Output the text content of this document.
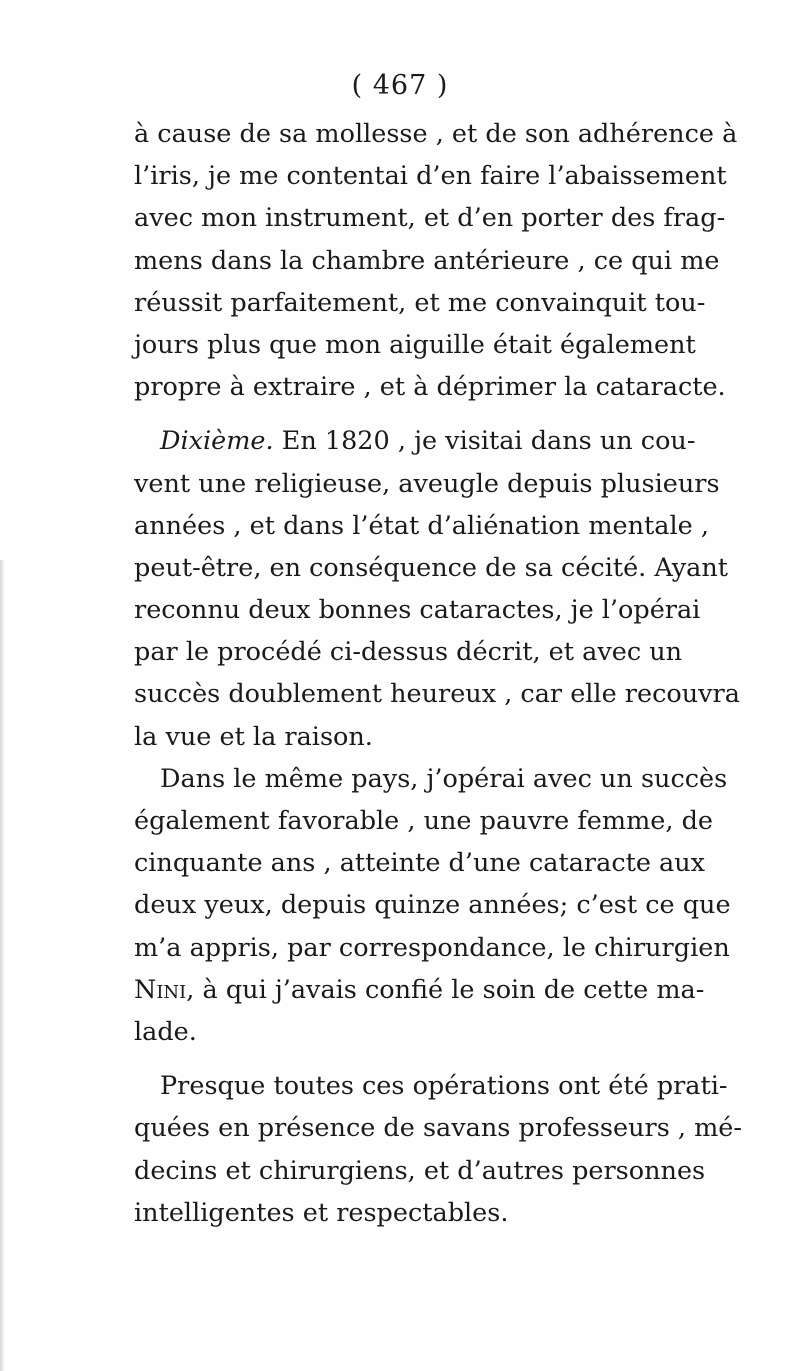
( 467 )
à cause de sa mollesse , et de son adhérence à
l’iris, je me contentai d’en faire l’abaissement
avec mon instrument, et d’en porter des frag-
mens dans la chambre antérieure , ce qui me
réussit parfaitement, et me convainquit tou-
jours plus que mon aiguille était également
propre à extraire , et à déprimer la cataracte.
Dixième. En 1820 , je visitai dans un cou-
vent une religieuse, aveugle depuis plusieurs
années , et dans l’état d’aliénation mentale ,
peut-être, en conséquence de sa cécité. Ayant
reconnu deux bonnes cataractes, je l’opérai
par le procédé ci-dessus décrit, et avec un
succès doublement heureux , car elle recouvra
la vue et la raison.
Dans le même pays, j’opérai avec un succès
également favorable , une pauvre femme, de
cinquante ans , atteinte d’une cataracte aux
deux yeux, depuis quinze années; c’est ce que
m’a appris, par correspondance, le chirurgien
Nini, à qui j’avais confié le soin de cette ma-
lade.
Presque toutes ces opérations ont été prati-
quées en présence de savans professeurs , mé-
decins et chirurgiens, et d’autres personnes
intelligentes et respectables.
